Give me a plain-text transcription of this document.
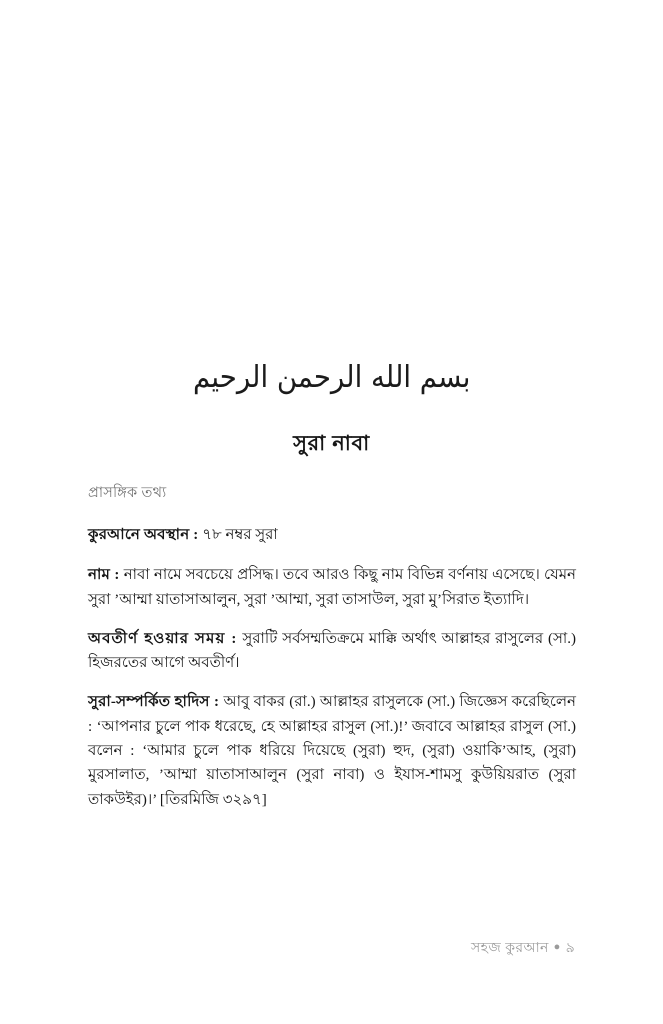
بسم الله الرحمن الرحيم
সুরা নাবা

প্রাসঙ্গিক তথ্য

কুরআনে অবস্থান : ৭৮ নম্বর সুরা

নাম : নাবা নামে সবচেয়ে প্রসিদ্ধ। তবে আরও কিছু নাম বিভিন্ন বর্ণনায় এসেছে। যেমন সুরা ’আম্মা য়াতাসাআলুন, সুরা ’আম্মা, সুরা তাসাউল, সুরা মু’সিরাত ইত্যাদি।

অবতীর্ণ হওয়ার সময় : সুরাটি সর্বসম্মতিক্রমে মাক্কি অর্থাৎ আল্লাহর রাসুলের (সা.) হিজরতের আগে অবতীর্ণ।

সুরা-সম্পর্কিত হাদিস : আবু বাকর (রা.) আল্লাহর রাসুলকে (সা.) জিজ্ঞেস করেছিলেন : ‘আপনার চুলে পাক ধরেছে, হে আল্লাহর রাসুল (সা.)!’ জবাবে আল্লাহর রাসুল (সা.) বলেন : ‘আমার চুলে পাক ধরিয়ে দিয়েছে (সুরা) হুদ, (সুরা) ওয়াকি’আহ, (সুরা) মুরসালাত, ’আম্মা য়াতাসাআলুন (সুরা নাবা) ও ইযাস-শামসু কুউয়িয়রাত (সুরা তাকউইর)।’ [তিরমিজি ৩২৯৭]

সহজ কুরআন ● ৯
